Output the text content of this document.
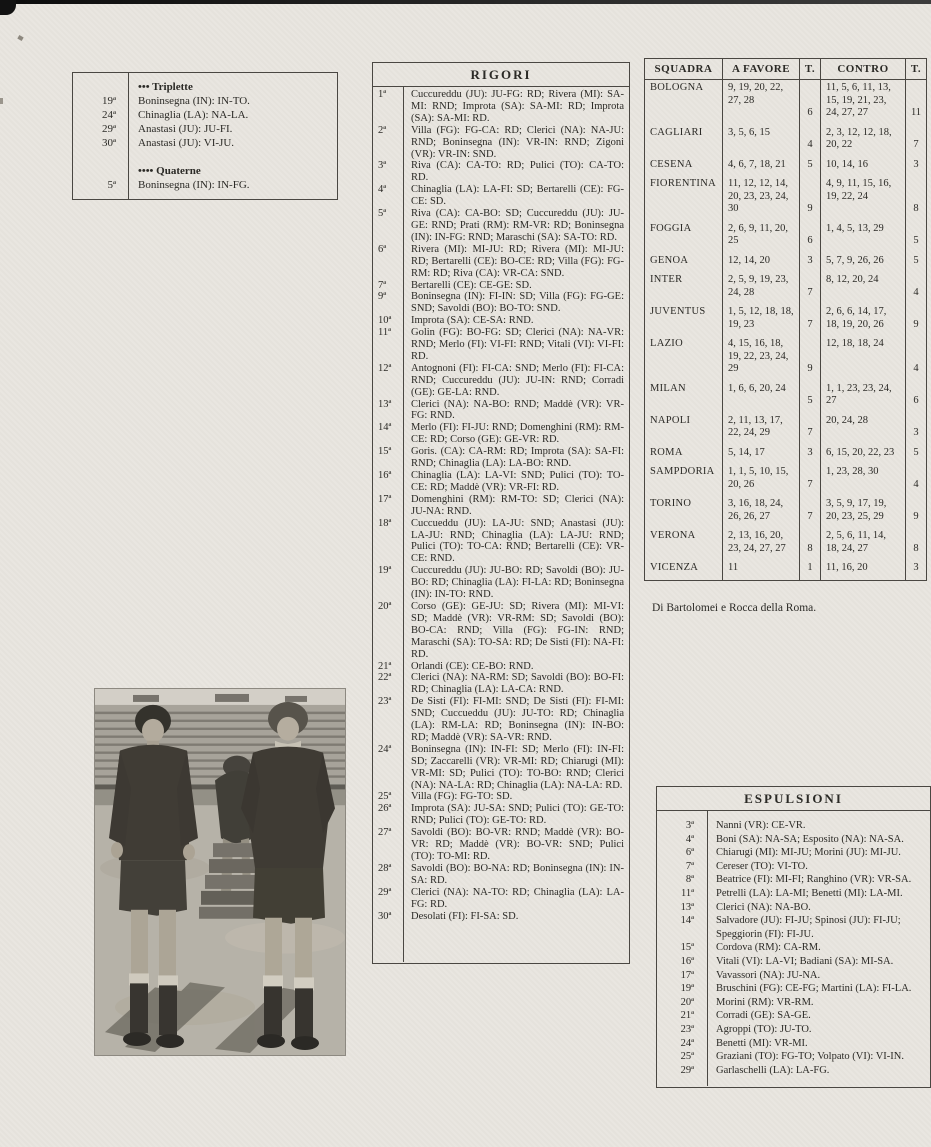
••• Triplette
19ª	Boninsegna (IN): IN-TO.
24ª	Chinaglia (LA): NA-LA.
29ª	Anastasi (JU): JU-FI.
30ª	Anastasi (JU): VI-JU.
•••• Quaterne
5ª	Boninsegna (IN): IN-FG.
RIGORI
1ª	Cuccureddu (JU): JU-FG: RD; Rivera (MI): SA-MI: RND; Improta (SA): SA-MI: RD; Improta (SA): SA-MI: RD.
2ª	Villa (FG): FG-CA: RD; Clerici (NA): NA-JU: RND; Boninsegna (IN): VR-IN: RND; Zigoni (VR): VR-IN: SND.
3ª	Riva (CA): CA-TO: RD; Pulici (TO): CA-TO: RD.
4ª	Chinaglia (LA): LA-FI: SD; Bertarelli (CE): FG-CE: SD.
5ª	Riva (CA): CA-BO: SD; Cuccureddu (JU): JU-GE: RND; Prati (RM): RM-VR: RD; Boninsegna (IN): IN-FG: RND; Maraschi (SA): SA-TO: RD.
6ª	Rivera (MI): MI-JU: RD; Rivera (MI): MI-JU: RD; Bertarelli (CE): BO-CE: RD; Villa (FG): FG-RM: RD; Riva (CA): VR-CA: SND.
7ª	Bertarelli (CE): CE-GE: SD.
9ª	Boninsegna (IN): FI-IN: SD; Villa (FG): FG-GE: SND; Savoldi (BO): BO-TO: SND.
10ª	Improta (SA): CE-SA: RND.
11ª	Golin (FG): BO-FG: SD; Clerici (NA): NA-VR: RND; Merlo (FI): VI-FI: RND; Vitali (VI): VI-FI: RD.
12ª	Antognoni (FI): FI-CA: SND; Merlo (FI): FI-CA: RND; Cuccureddu (JU): JU-IN: RND; Corradi (GE): GE-LA: RND.
13ª	Clerici (NA): NA-BO: RND; Maddè (VR): VR-FG: RND.
14ª	Merlo (FI): FI-JU: RND; Domenghini (RM): RM-CE: RD; Corso (GE): GE-VR: RD.
15ª	Goris. (CA): CA-RM: RD; Improta (SA): SA-FI: RND; Chinaglia (LA): LA-BO: RND.
16ª	Chinaglia (LA): LA-VI: SND; Pulici (TO): TO-CE: RD; Maddè (VR): VR-FI: RD.
17ª	Domenghini (RM): RM-TO: SD; Clerici (NA): JU-NA: RND.
18ª	Cuccueddu (JU): LA-JU: SND; Anastasi (JU): LA-JU: RND; Chinaglia (LA): LA-JU: RND; Pulici (TO): TO-CA: RND; Bertarelli (CE): VR-CE: RND.
19ª	Cuccureddu (JU): JU-BO: RD; Savoldi (BO): JU-BO: RD; Chinaglia (LA): FI-LA: RD; Boninsegna (IN): IN-TO: RND.
20ª	Corso (GE): GE-JU: SD; Rivera (MI): MI-VI: SD; Maddè (VR): VR-RM: SD; Savoldi (BO): BO-CA: RND; Villa (FG): FG-IN: RND; Maraschi (SA): TO-SA: RD; De Sisti (FI): NA-FI: RD.
21ª	Orlandi (CE): CE-BO: RND.
22ª	Clerici (NA): NA-RM: SD; Savoldi (BO): BO-FI: RD; Chinaglia (LA): LA-CA: RND.
23ª	De Sisti (FI): FI-MI: SND; De Sisti (FI): FI-MI: SND; Cuccueddu (JU): JU-TO: RD; Chinaglia (LA): RM-LA: RD; Boninsegna (IN): IN-BO: RD; Maddè (VR): SA-VR: RND.
24ª	Boninsegna (IN): IN-FI: SD; Merlo (FI): IN-FI: SD; Zaccarelli (VR): VR-MI: RD; Chiarugi (MI): VR-MI: SD; Pulici (TO): TO-BO: RND; Clerici (NA): NA-LA: RD; Chinaglia (LA): NA-LA: RD.
25ª	Villa (FG): FG-TO: SD.
26ª	Improta (SA): JU-SA: SND; Pulici (TO): GE-TO: RND; Pulici (TO): GE-TO: RD.
27ª	Savoldi (BO): BO-VR: RND; Maddè (VR): BO-VR: RD; Maddè (VR): BO-VR: SND; Pulici (TO): TO-MI: RD.
28ª	Savoldi (BO): BO-NA: RD; Boninsegna (IN): IN-SA: RD.
29ª	Clerici (NA): NA-TO: RD; Chinaglia (LA): LA-FG: RD.
30ª	Desolati (FI): FI-SA: SD.
SQUADRA	A FAVORE	T.	CONTRO	T.
BOLOGNA	9, 19, 20, 22, 27, 28	6	11, 5, 6, 11, 13, 15, 19, 21, 23, 24, 27, 27	11
CAGLIARI	3, 5, 6, 15	4	2, 3, 12, 12, 18, 20, 22	7
CESENA	4, 6, 7, 18, 21	5	10, 14, 16	3
FIORENTINA	11, 12, 12, 14, 20, 23, 23, 24, 30	9	4, 9, 11, 15, 16, 19, 22, 24	8
FOGGIA	2, 6, 9, 11, 20, 25	6	1, 4, 5, 13, 29	5
GENOA	12, 14, 20	3	5, 7, 9, 26, 26	5
INTER	2, 5, 9, 19, 23, 24, 28	7	8, 12, 20, 24	4
JUVENTUS	1, 5, 12, 18, 18, 19, 23	7	2, 6, 6, 14, 17, 18, 19, 20, 26	9
LAZIO	4, 15, 16, 18, 19, 22, 23, 24, 29	9	12, 18, 18, 24	4
MILAN	1, 6, 6, 20, 24	5	1, 1, 23, 23, 24, 27	6
NAPOLI	2, 11, 13, 17, 22, 24, 29	7	20, 24, 28	3
ROMA	5, 14, 17	3	6, 15, 20, 22, 23	5
SAMPDORIA	1, 1, 5, 10, 15, 20, 26	7	1, 23, 28, 30	4
TORINO	3, 16, 18, 24, 26, 26, 27	7	3, 5, 9, 17, 19, 20, 23, 25, 29	9
VERONA	2, 13, 16, 20, 23, 24, 27, 27	8	2, 5, 6, 11, 14, 18, 24, 27	8
VICENZA	11	1	11, 16, 20	3
Di Bartolomei e Rocca della Roma.
ESPULSIONI
3ª	Nanni (VR): CE-VR.
4ª	Boni (SA): NA-SA; Esposito (NA): NA-SA.
6ª	Chiarugi (MI): MI-JU; Morini (JU): MI-JU.
7ª	Cereser (TO): VI-TO.
8ª	Beatrice (FI): MI-FI; Ranghino (VR): VR-SA.
11ª	Petrelli (LA): LA-MI; Benetti (MI): LA-MI.
13ª	Clerici (NA): NA-BO.
14ª	Salvadore (JU): FI-JU; Spinosi (JU): FI-JU; Speggiorin (FI): FI-JU.
15ª	Cordova (RM): CA-RM.
16ª	Vitali (VI): LA-VI; Badiani (SA): MI-SA.
17ª	Vavassori (NA): JU-NA.
19ª	Bruschini (FG): CE-FG; Martini (LA): FI-LA.
20ª	Morini (RM): VR-RM.
21ª	Corradi (GE): SA-GE.
23ª	Agroppi (TO): JU-TO.
24ª	Benetti (MI): VR-MI.
25ª	Graziani (TO): FG-TO; Volpato (VI): VI-IN.
29ª	Garlaschelli (LA): LA-FG.
